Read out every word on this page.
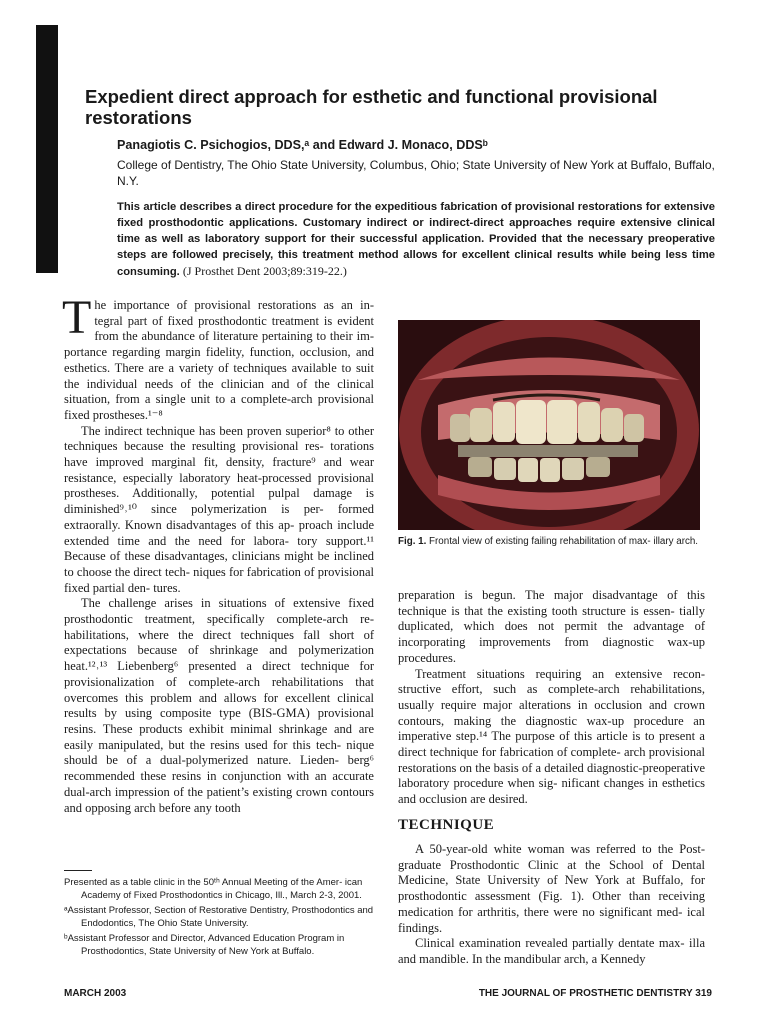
Expedient direct approach for esthetic and functional provisional restorations
Panagiotis C. Psichogios, DDS,ᵃ and Edward J. Monaco, DDSᵇ
College of Dentistry, The Ohio State University, Columbus, Ohio; State University of New York at Buffalo, Buffalo, N.Y.
This article describes a direct procedure for the expeditious fabrication of provisional restorations for extensive fixed prosthodontic applications. Customary indirect or indirect-direct approaches require extensive clinical time as well as laboratory support for their successful application. Provided that the necessary preoperative steps are followed precisely, this treatment method allows for excellent clinical results while being less time consuming. (J Prosthet Dent 2003;89:319-22.)

The importance of provisional restorations as an in- tegral part of fixed prosthodontic treatment is evident from the abundance of literature pertaining to their im- portance regarding margin fidelity, function, occlusion, and esthetics. There are a variety of techniques available to suit the individual needs of the clinician and of the clinical situation, from a single unit to a complete-arch provisional fixed prostheses.¹⁻⁸

The indirect technique has been proven superior⁸ to other techniques because the resulting provisional res- torations have improved marginal fit, density, fracture⁹ and wear resistance, especially laboratory heat-processed provisional prostheses. Additionally, potential pulpal damage is diminished⁹˒¹⁰ since polymerization is per- formed extraorally. Known disadvantages of this ap- proach include extended time and the need for labora- tory support.¹¹ Because of these disadvantages, clinicians might be inclined to choose the direct tech- niques for fabrication of provisional fixed partial den- tures.

The challenge arises in situations of extensive fixed prosthodontic treatment, specifically complete-arch re- habilitations, where the direct techniques fall short of expectations because of shrinkage and polymerization heat.¹²˒¹³ Liebenberg⁶ presented a direct technique for provisionalization of complete-arch rehabilitations that overcomes this problem and allows for excellent clinical results by using composite type (BIS-GMA) provisional resins. These products exhibit minimal shrinkage and are easily manipulated, but the resins used for this tech- nique should be of a dual-polymerized nature. Lieden- berg⁶ recommended these resins in conjunction with an accurate dual-arch impression of the patient’s existing crown contours and opposing arch before any tooth

Fig. 1. Frontal view of existing failing rehabilitation of max- illary arch.

preparation is begun. The major disadvantage of this technique is that the existing tooth structure is essen- tially duplicated, which does not permit the advantage of incorporating improvements from diagnostic wax-up procedures.

Treatment situations requiring an extensive recon- structive effort, such as complete-arch rehabilitations, usually require major alterations in occlusion and crown contours, making the diagnostic wax-up procedure an imperative step.¹⁴ The purpose of this article is to present a direct technique for fabrication of complete- arch provisional restorations on the basis of a detailed diagnostic-preoperative laboratory procedure when sig- nificant changes in esthetics and occlusion are desired.

TECHNIQUE

A 50-year-old white woman was referred to the Post- graduate Prosthodontic Clinic at the School of Dental Medicine, State University of New York at Buffalo, for prosthodontic assessment (Fig. 1). Other than receiving medication for arthritis, there were no significant med- ical findings.

Clinical examination revealed partially dentate max- illa and mandible. In the mandibular arch, a Kennedy

Presented as a table clinic in the 50ᵗʰ Annual Meeting of the Amer- ican Academy of Fixed Prosthodontics in Chicago, Ill., March 2-3, 2001.

ᵃAssistant Professor, Section of Restorative Dentistry, Prosthodontics and Endodontics, The Ohio State University.

ᵇAssistant Professor and Director, Advanced Education Program in Prosthodontics, State University of New York at Buffalo.

MARCH 2003	THE JOURNAL OF PROSTHETIC DENTISTRY 319
